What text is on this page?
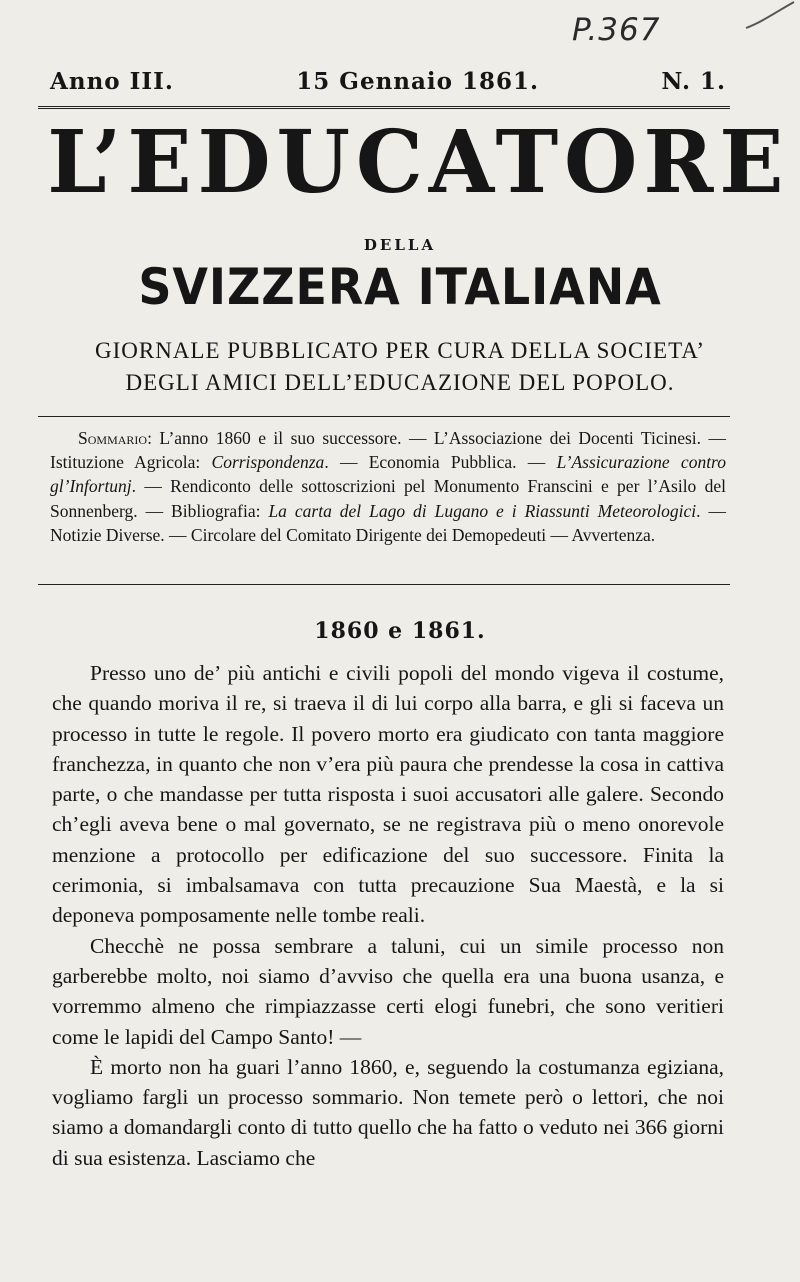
P.367
Anno III.	15 Gennaio 1861.	N. 1.
L’EDUCATORE
DELLA
SVIZZERA ITALIANA
GIORNALE PUBBLICATO PER CURA DELLA SOCIETA’
DEGLI AMICI DELL’EDUCAZIONE DEL POPOLO.

Sommario: L’anno 1860 e il suo successore. — L’Associazione dei Docenti Ticinesi. — Istituzione Agricola: Corrispondenza. — Economia Pubblica. — L’Assicurazione contro gl’Infortunj. — Rendiconto delle sottoscrizioni pel Monumento Franscini e per l’Asilo del Sonnenberg. — Bibliografia: La carta del Lago di Lugano e i Riassunti Meteorologici. — Notizie Diverse. — Circolare del Comitato Dirigente dei Demopedeuti — Avvertenza.

1860 e 1861.

Presso uno de’ più antichi e civili popoli del mondo vigeva il costume, che quando moriva il re, si traeva il di lui corpo alla barra, e gli si faceva un processo in tutte le regole. Il povero morto era giudicato con tanta maggiore franchezza, in quanto che non v’era più paura che prendesse la cosa in cattiva parte, o che mandasse per tutta risposta i suoi accusatori alle galere. Secondo ch’egli aveva bene o mal governato, se ne registrava più o meno onorevole menzione a protocollo per edificazione del suo successore. Finita la cerimonia, si imbalsamava con tutta precauzione Sua Maestà, e la si deponeva pomposamente nelle tombe reali.

Checchè ne possa sembrare a taluni, cui un simile processo non garberebbe molto, noi siamo d’avviso che quella era una buona usanza, e vorremmo almeno che rimpiazzasse certi elogi funebri, che sono veritieri come le lapidi del Campo Santo! —

È morto non ha guari l’anno 1860, e, seguendo la costumanza egiziana, vogliamo fargli un processo sommario. Non temete però o lettori, che noi siamo a domandargli conto di tutto quello che ha fatto o veduto nei 366 giorni di sua esistenza. Lasciamo che
